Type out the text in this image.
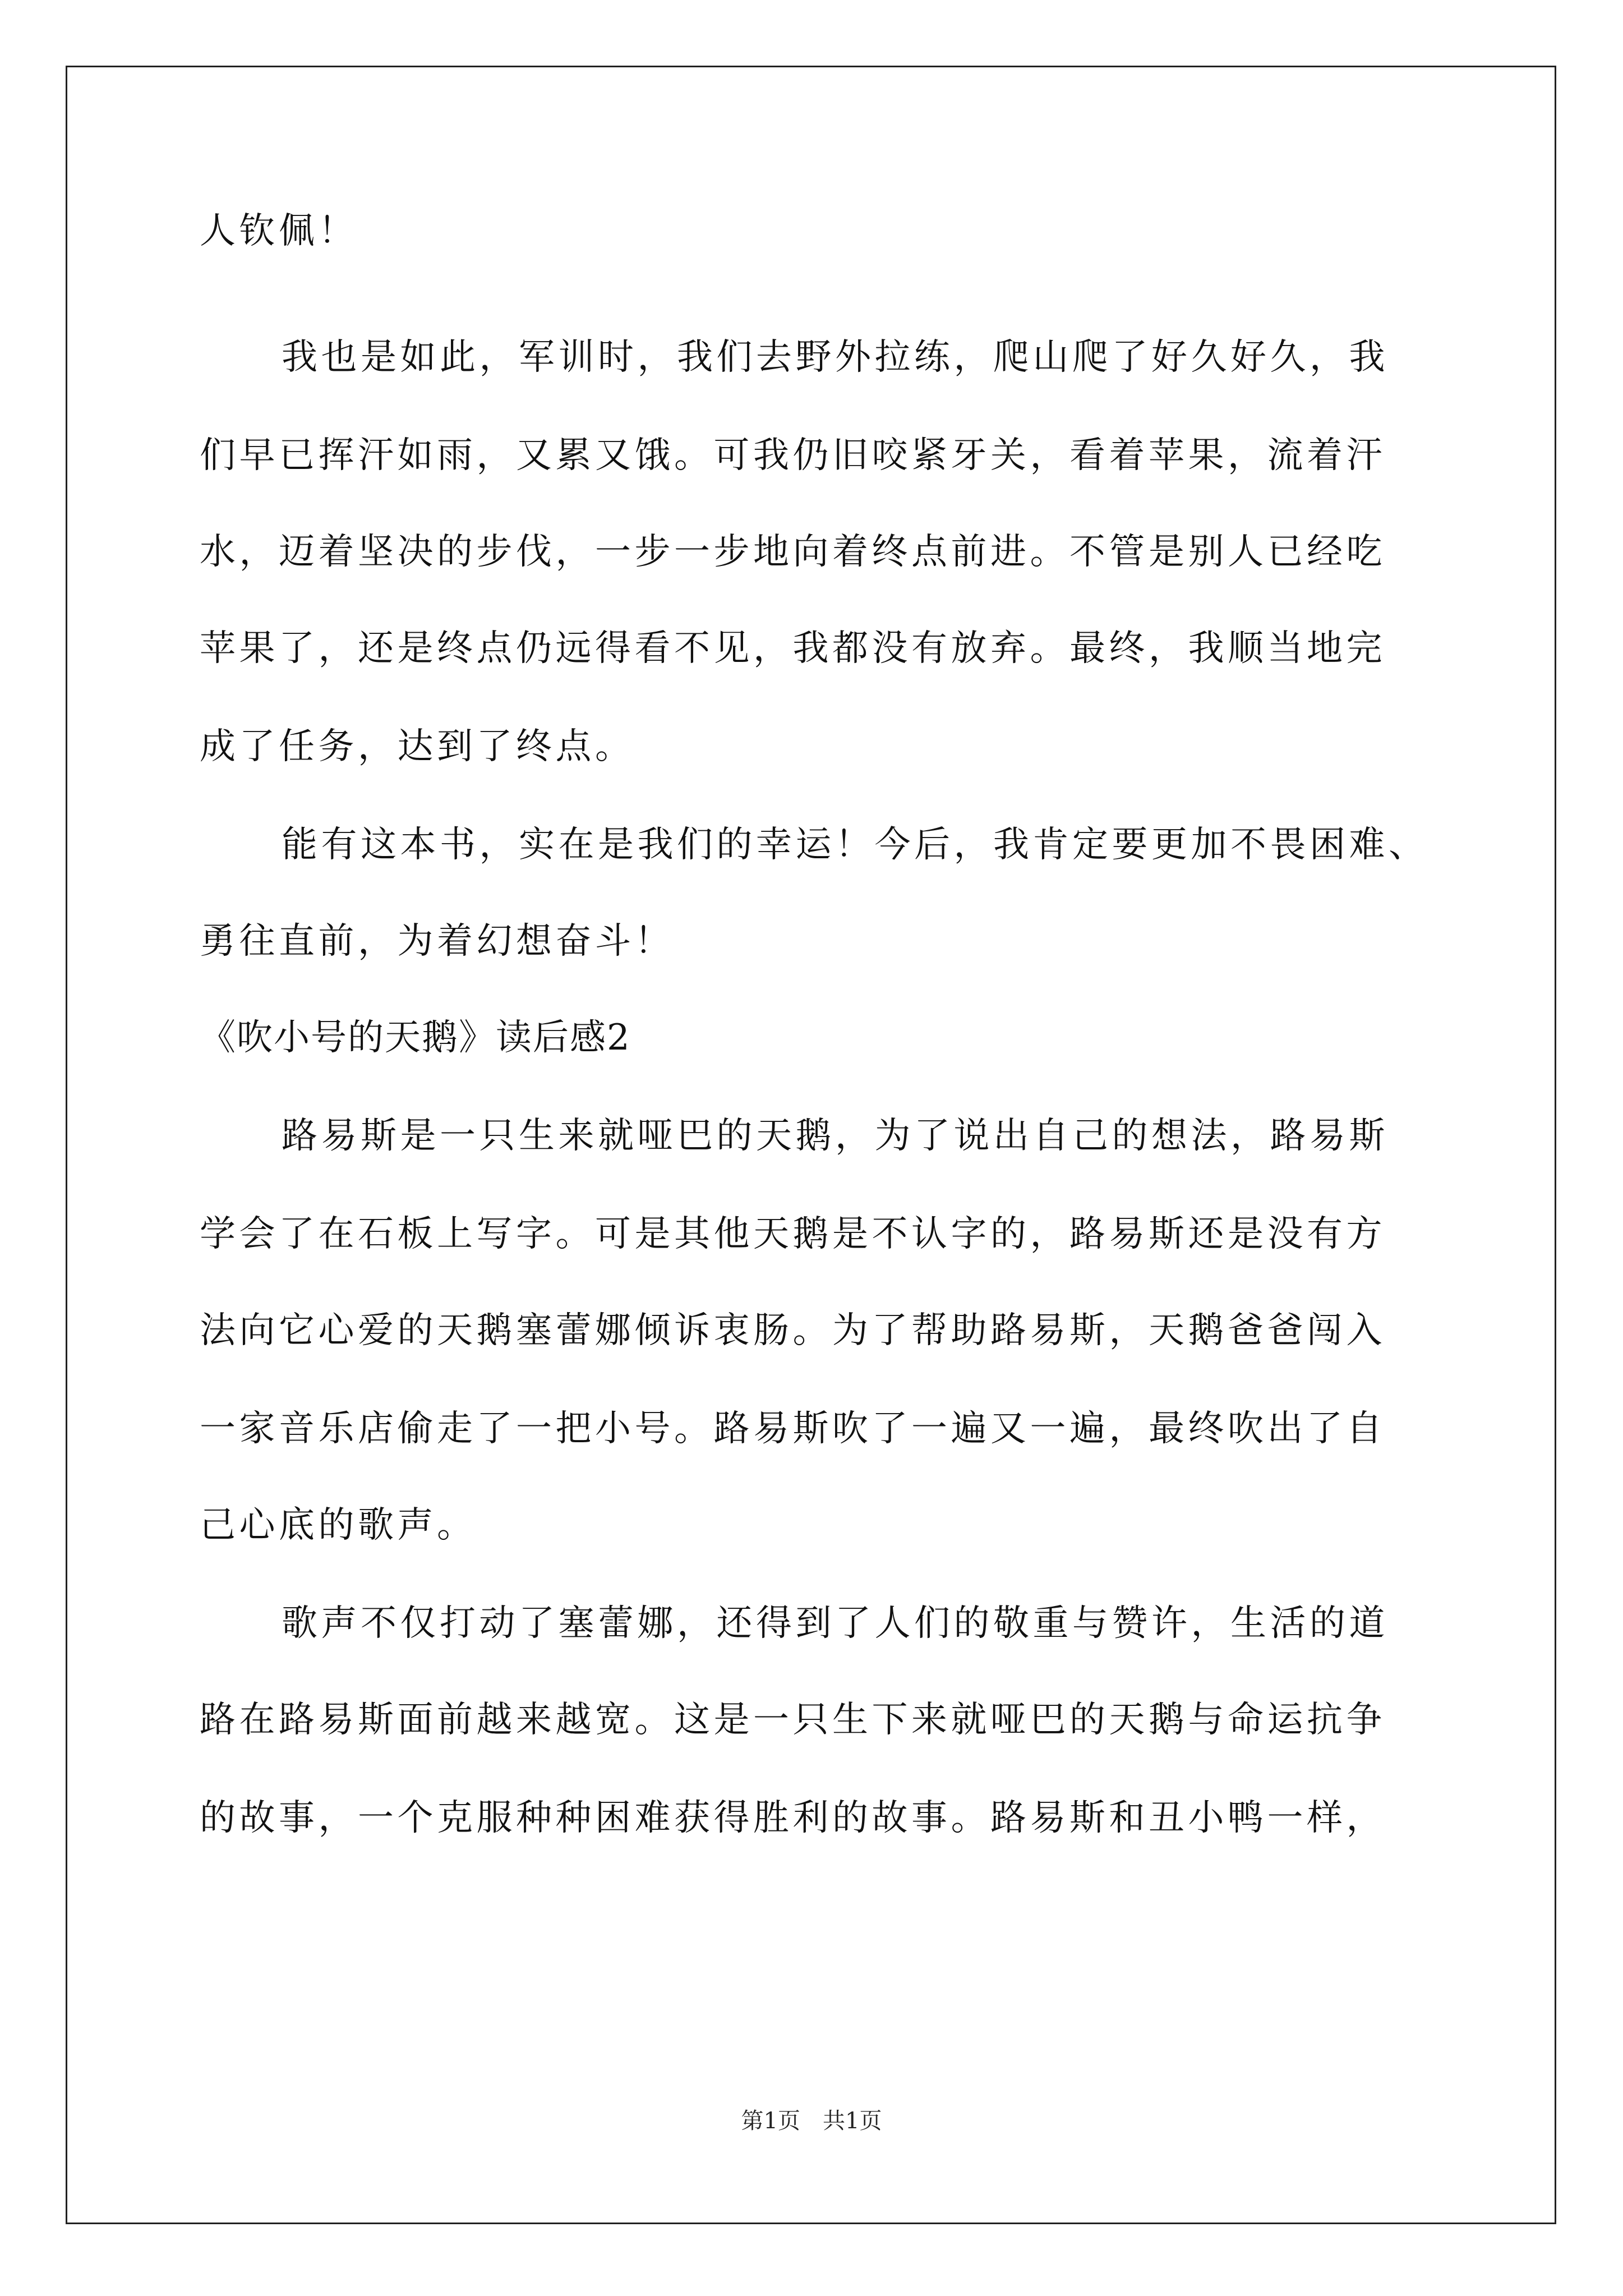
人钦佩！
我也是如此，军训时，我们去野外拉练，爬山爬了好久好久，我
们早已挥汗如雨，又累又饿。可我仍旧咬紧牙关，看着苹果，流着汗
水，迈着坚决的步伐，一步一步地向着终点前进。不管是别人已经吃
苹果了，还是终点仍远得看不见，我都没有放弃。最终，我顺当地完
成了任务，达到了终点。
能有这本书，实在是我们的幸运！今后，我肯定要更加不畏困难、
勇往直前，为着幻想奋斗！
《吹小号的天鹅》读后感2
路易斯是一只生来就哑巴的天鹅，为了说出自己的想法，路易斯
学会了在石板上写字。可是其他天鹅是不认字的，路易斯还是没有方
法向它心爱的天鹅塞蕾娜倾诉衷肠。为了帮助路易斯，天鹅爸爸闯入
一家音乐店偷走了一把小号。路易斯吹了一遍又一遍，最终吹出了自
己心底的歌声。
歌声不仅打动了塞蕾娜，还得到了人们的敬重与赞许，生活的道
路在路易斯面前越来越宽。这是一只生下来就哑巴的天鹅与命运抗争
的故事，一个克服种种困难获得胜利的故事。路易斯和丑小鸭一样，
第1页 共1页
